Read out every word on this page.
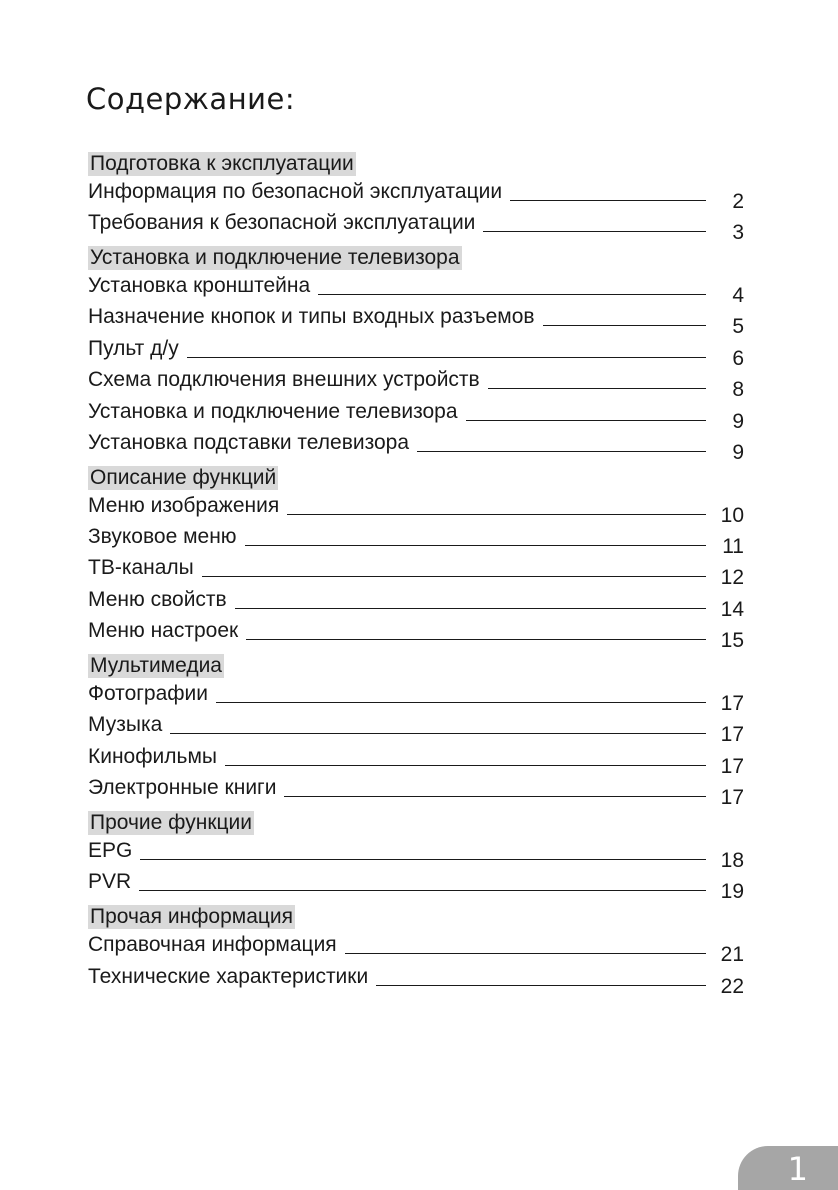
Содержание:
Подготовка к эксплуатации
Информация по безопасной эксплуатации	2
Требования к безопасной эксплуатации	3
Установка и подключение телевизора
Установка кронштейна	4
Назначение кнопок и типы входных разъемов	5
Пульт д/у	6
Схема подключения внешних устройств	8
Установка и подключение телевизора	9
Установка подставки телевизора	9
Описание функций
Меню изображения	10
Звуковое меню	11
ТВ-каналы	12
Меню свойств	14
Меню настроек	15
Мультимедиа
Фотографии	17
Музыка	17
Кинофильмы	17
Электронные книги	17
Прочие функции
EPG	18
PVR	19
Прочая информация
Справочная информация	21
Технические характеристики	22
1
